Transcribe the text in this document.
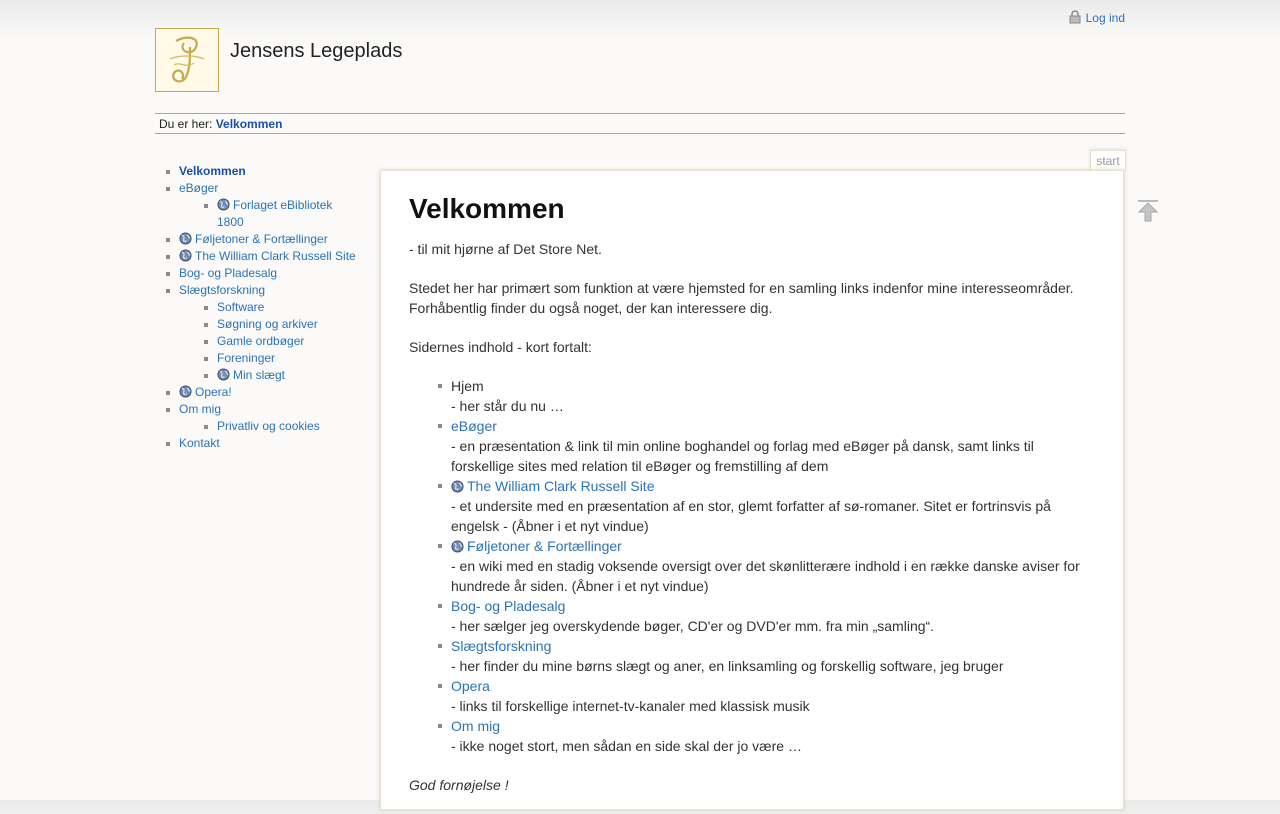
Log ind
Jensens Legeplads
Du er her: Velkommen
Velkommen
eBøger
Forlaget eBibliotek 1800
Føljetoner & Fortællinger
The William Clark Russell Site
Bog- og Pladesalg
Slægtsforskning
Software
Søgning og arkiver
Gamle ordbøger
Foreninger
Min slægt
Opera!
Om mig
Privatliv og cookies
Kontakt
start
Velkommen

- til mit hjørne af Det Store Net.

Stedet her har primært som funktion at være hjemsted for en samling links indenfor mine interesseområder.
Forhåbentlig finder du også noget, der kan interessere dig.

Sidernes indhold - kort fortalt:

Hjem
- her står du nu …
eBøger
- en præsentation & link til min online boghandel og forlag med eBøger på dansk, samt links til forskellige sites med relation til eBøger og fremstilling af dem
The William Clark Russell Site
- et undersite med en præsentation af en stor, glemt forfatter af sø-romaner. Sitet er fortrinsvis på engelsk - (Åbner i et nyt vindue)
Føljetoner & Fortællinger
- en wiki med en stadig voksende oversigt over det skønlitterære indhold i en række danske aviser for hundrede år siden. (Åbner i et nyt vindue)
Bog- og Pladesalg
- her sælger jeg overskydende bøger, CD'er og DVD'er mm. fra min „samling“.
Slægtsforskning
- her finder du mine børns slægt og aner, en linksamling og forskellig software, jeg bruger
Opera
- links til forskellige internet-tv-kanaler med klassisk musik
Om mig
- ikke noget stort, men sådan en side skal der jo være …

God fornøjelse !
